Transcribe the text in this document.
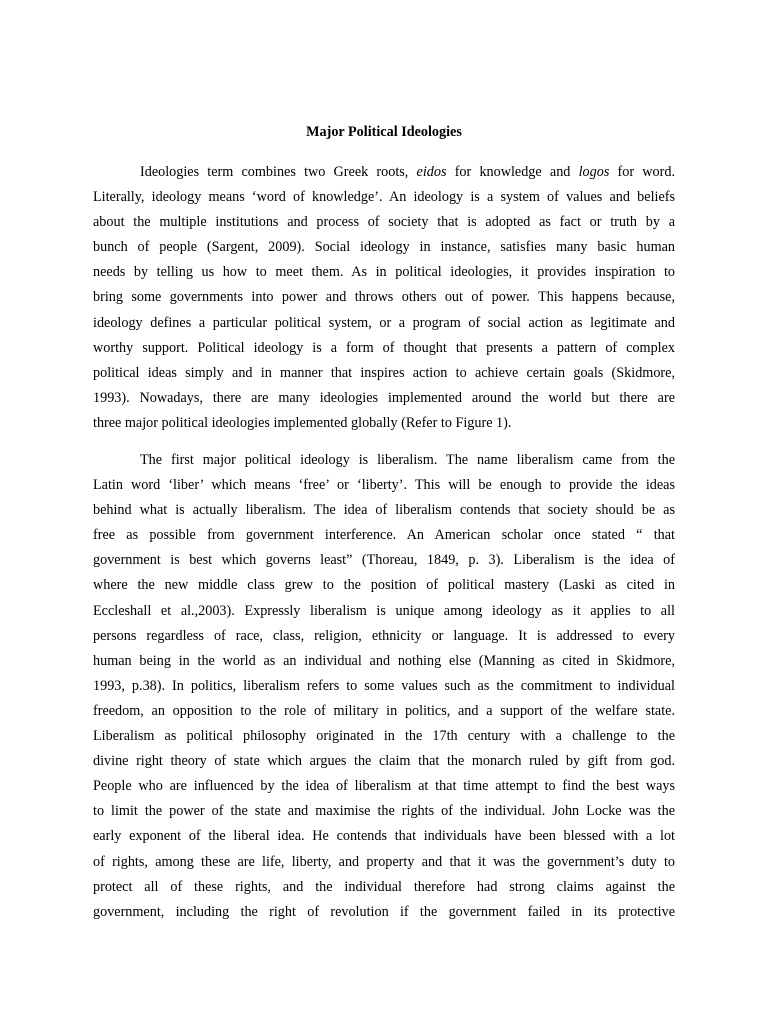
Major Political Ideologies
Ideologies term combines two Greek roots, eidos for knowledge and logos for word.
Literally, ideology means ‘word of knowledge’. An ideology is a system of values and beliefs
about the multiple institutions and process of society that is adopted as fact or truth by a
bunch of people (Sargent, 2009). Social ideology in instance, satisfies many basic human
needs by telling us how to meet them. As in political ideologies, it provides inspiration to
bring some governments into power and throws others out of power. This happens because,
ideology defines a particular political system, or a program of social action as legitimate and
worthy support. Political ideology is a form of thought that presents a pattern of complex
political ideas simply and in manner that inspires action to achieve certain goals (Skidmore,
1993). Nowadays, there are many ideologies implemented around the world but there are
three major political ideologies implemented globally (Refer to Figure 1).
The first major political ideology is liberalism. The name liberalism came from the
Latin word ‘liber’ which means ‘free’ or ‘liberty’. This will be enough to provide the ideas
behind what is actually liberalism. The idea of liberalism contends that society should be as
free as possible from government interference. An American scholar once stated “ that
government is best which governs least” (Thoreau, 1849, p. 3). Liberalism is the idea of
where the new middle class grew to the position of political mastery (Laski as cited in
Eccleshall et al.,2003). Expressly liberalism is unique among ideology as it applies to all
persons regardless of race, class, religion, ethnicity or language. It is addressed to every
human being in the world as an individual and nothing else (Manning as cited in Skidmore,
1993, p.38). In politics, liberalism refers to some values such as the commitment to individual
freedom, an opposition to the role of military in politics, and a support of the welfare state.
Liberalism as political philosophy originated in the 17th century with a challenge to the
divine right theory of state which argues the claim that the monarch ruled by gift from god.
People who are influenced by the idea of liberalism at that time attempt to find the best ways
to limit the power of the state and maximise the rights of the individual. John Locke was the
early exponent of the liberal idea. He contends that individuals have been blessed with a lot
of rights, among these are life, liberty, and property and that it was the government’s duty to
protect all of these rights, and the individual therefore had strong claims against the
government, including the right of revolution if the government failed in its protective
